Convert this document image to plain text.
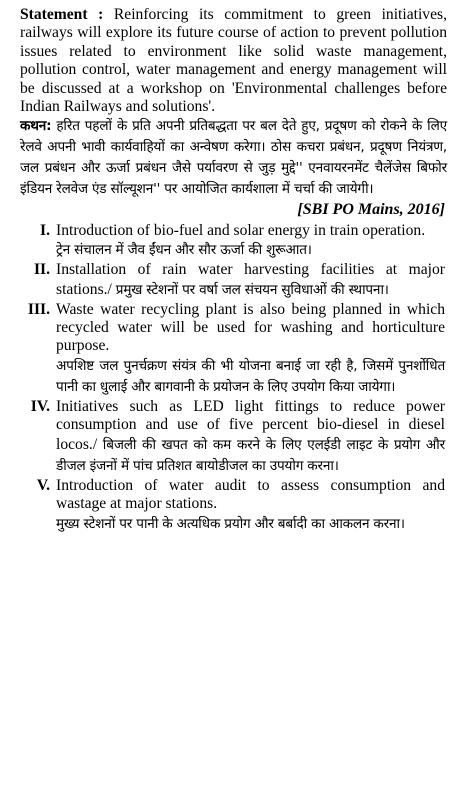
Statement : Reinforcing its commitment to green initiatives, railways will explore its future course of action to prevent pollution issues related to environment like solid waste management, pollution control, water management and energy management will be discussed at a workshop on 'Environmental challenges before Indian Railways and solutions'.

कथन: हरित पहलों के प्रति अपनी प्रतिबद्धता पर बल देते हुए, प्रदूषण को रोकने के लिए रेलवे अपनी भावी कार्यवाहियों का अन्वेषण करेगा। ठोस कचरा प्रबंधन, प्रदूषण नियंत्रण, जल प्रबंधन और ऊर्जा प्रबंधन जैसे पर्यावरण से जुड़ मुद्दे'' एनवायरनमेंट चैलेंजेस बिफोर इंडियन रेलवेज एंड सॉल्यूशन'' पर आयोजित कार्यशाला में चर्चा की जायेगी।

[SBI PO Mains, 2016]

I. Introduction of bio-fuel and solar energy in train operation.
ट्रेन संचालन में जैव ईंधन और सौर ऊर्जा की शुरूआत।
II. Installation of rain water harvesting facilities at major stations./ प्रमुख स्टेशनों पर वर्षा जल संचयन सुविधाओं की स्थापना।
III. Waste water recycling plant is also being planned in which recycled water will be used for washing and horticulture purpose.
अपशिष्ट जल पुनर्चक्रण संयंत्र की भी योजना बनाई जा रही है, जिसमें पुनर्शोधित पानी का धुलाई और बागवानी के प्रयोजन के लिए उपयोग किया जायेगा।
IV. Initiatives such as LED light fittings to reduce power consumption and use of five percent bio-diesel in diesel locos./ बिजली की खपत को कम करने के लिए एलईडी लाइट के प्रयोग और डीजल इंजनों में पांच प्रतिशत बायोडीजल का उपयोग करना।
V. Introduction of water audit to assess consumption and wastage at major stations.
मुख्य स्टेशनों पर पानी के अत्यधिक प्रयोग और बर्बादी का आकलन करना।
